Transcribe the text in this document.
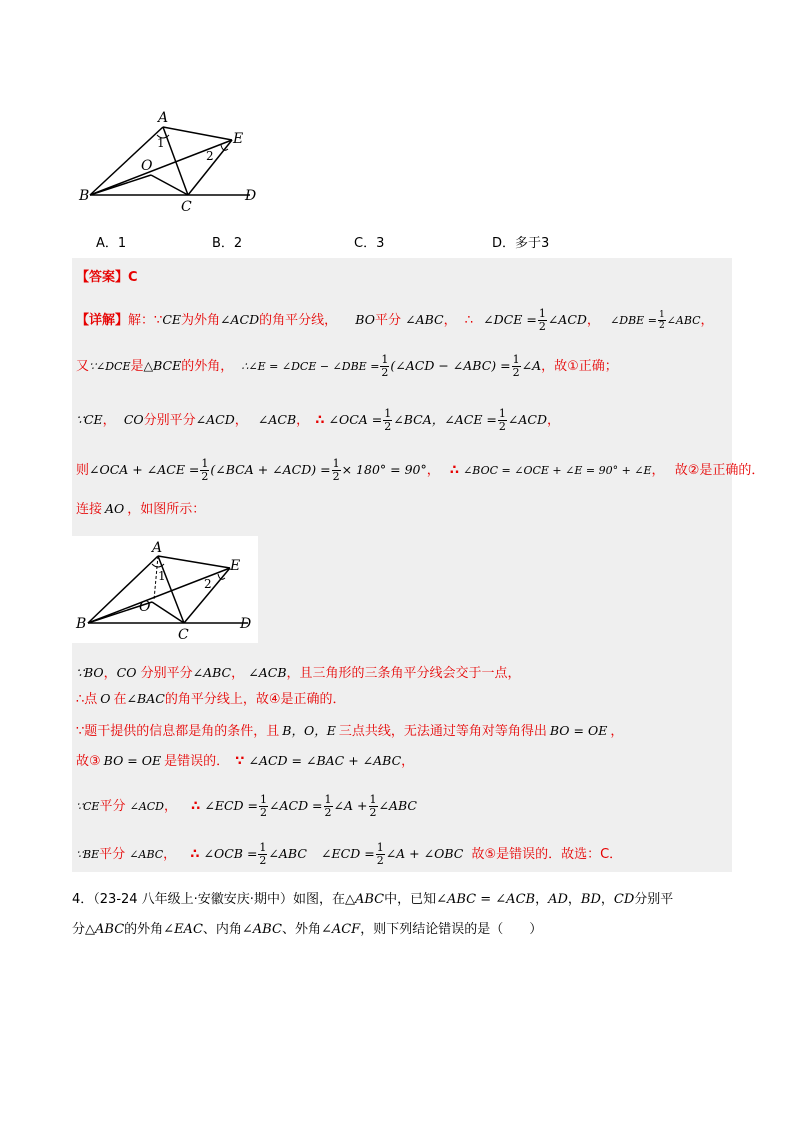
A
B
C
D
E
O
1
2
A．1	B．2	C．3	D．多于3
【答案】C
【详解】解：∵CE为外角∠ACD的角平分线， BO平分 ∠ABC， ∴ ∠DCE = $\frac{1}{2}$ ∠ACD， ∠DBE = $\frac{1}{2}$ ∠ABC，
又∵∠DCE是△BCE的外角， ∴∠E = ∠DCE − ∠DBE = $\frac{1}{2}$ (∠ACD − ∠ABC) = $\frac{1}{2}$ ∠A，故①正确；
∵CE， CO分别平分∠ACD， ∠ACB， ∴ ∠OCA = $\frac{1}{2}$ ∠BCA，∠ACE = $\frac{1}{2}$ ∠ACD，
则∠OCA + ∠ACE = $\frac{1}{2}$ (∠BCA + ∠ACD) = $\frac{1}{2} \times 180^\circ = 90^\circ$， ∴ ∠BOC = ∠OCE + ∠E = 90° + ∠E， 故②是正确的．
连接 AO ，如图所示：
A
B
C
D
E
O
1
2
∵BO，CO 分别平分∠ABC， ∠ACB，且三角形的三条角平分线会交于一点，
∴点 O 在∠BAC的角平分线上，故④是正确的．
∵题干提供的信息都是角的条件，且 B，O，E 三点共线，无法通过等角对等角得出 BO = OE ，
故③ BO = OE 是错误的． ∵ ∠ACD = ∠BAC + ∠ABC，
∵CE平分 ∠ACD， ∴ ∠ECD = $\frac{1}{2}$ ∠ACD = $\frac{1}{2}$ ∠A + $\frac{1}{2}$ ∠ABC
∵BE平分 ∠ABC， ∴ ∠OCB = $\frac{1}{2}$ ∠ABC ∠ECD = $\frac{1}{2}$ ∠A + ∠OBC 故⑤是错误的．故选：C．
4．（23-24 八年级上·安徽安庆·期中）如图，在△ABC中，已知∠ABC = ∠ACB，AD，BD，CD分别平
分△ABC的外角∠EAC、内角∠ABC、外角∠ACF，则下列结论错误的是（　　）
